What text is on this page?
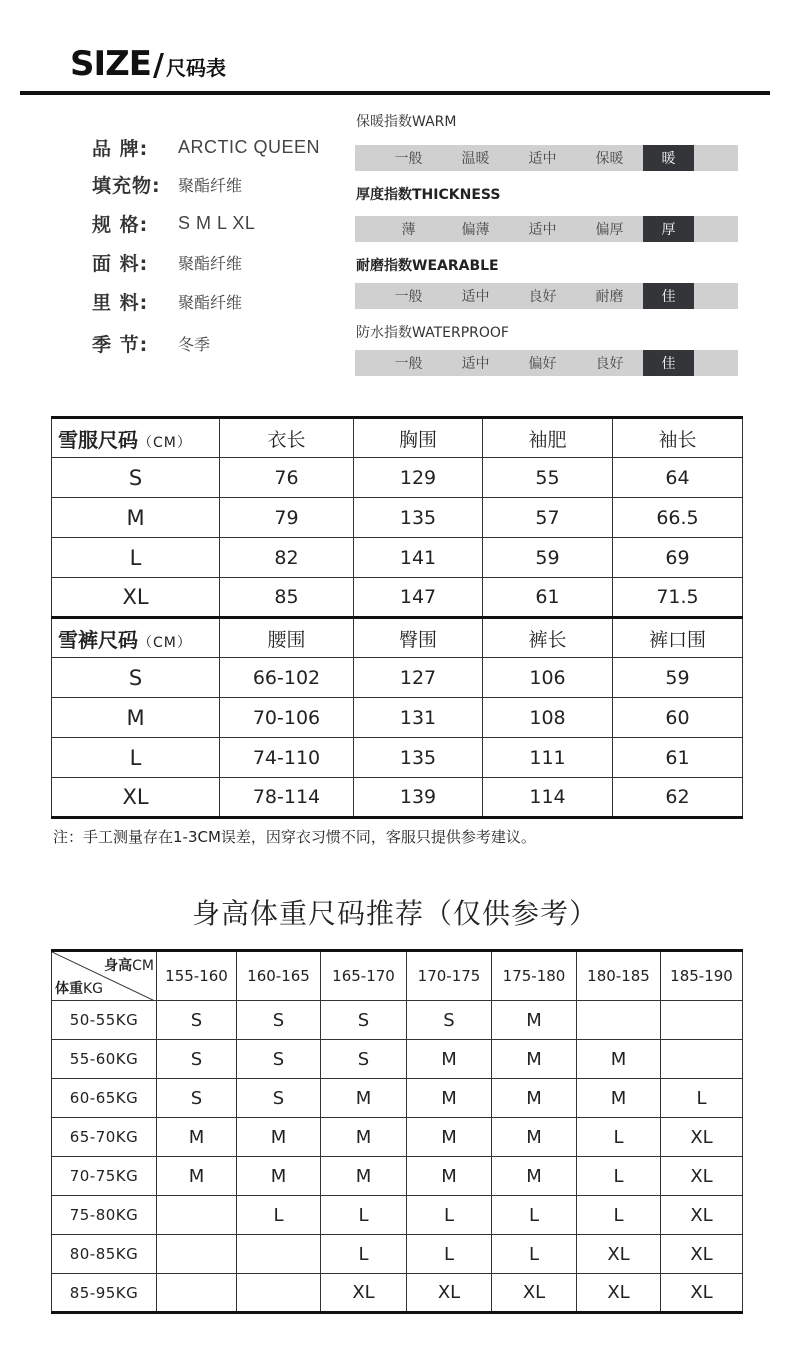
SIZE / 尺码表
品 牌:	ARCTIC QUEEN
填充物:	聚酯纤维
规 格:	S M L XL
面 料:	聚酯纤维
里 料:	聚酯纤维
季 节:	冬季
保暖指数WARM
一般	温暖	适中	保暖	暖
厚度指数THICKNESS
薄	偏薄	适中	偏厚	厚
耐磨指数WEARABLE
一般	适中	良好	耐磨	佳
防水指数WATERPROOF
一般	适中	偏好	良好	佳
雪服尺码（CM）	衣长	胸围	袖肥	袖长
S	76	129	55	64
M	79	135	57	66.5
L	82	141	59	69
XL	85	147	61	71.5
雪裤尺码（CM）	腰围	臀围	裤长	裤口围
S	66-102	127	106	59
M	70-106	131	108	60
L	74-110	135	111	61
XL	78-114	139	114	62
注：手工测量存在1-3CM误差，因穿衣习惯不同，客服只提供参考建议。
身高体重尺码推荐（仅供参考）
身高CM
体重KG	155-160	160-165	165-170	170-175	175-180	180-185	185-190
50-55KG	S	S	S	S	M		
55-60KG	S	S	S	M	M	M	
60-65KG	S	S	M	M	M	M	L
65-70KG	M	M	M	M	M	L	XL
70-75KG	M	M	M	M	M	L	XL
75-80KG		L	L	L	L	L	XL
80-85KG			L	L	L	XL	XL
85-95KG			XL	XL	XL	XL	XL
